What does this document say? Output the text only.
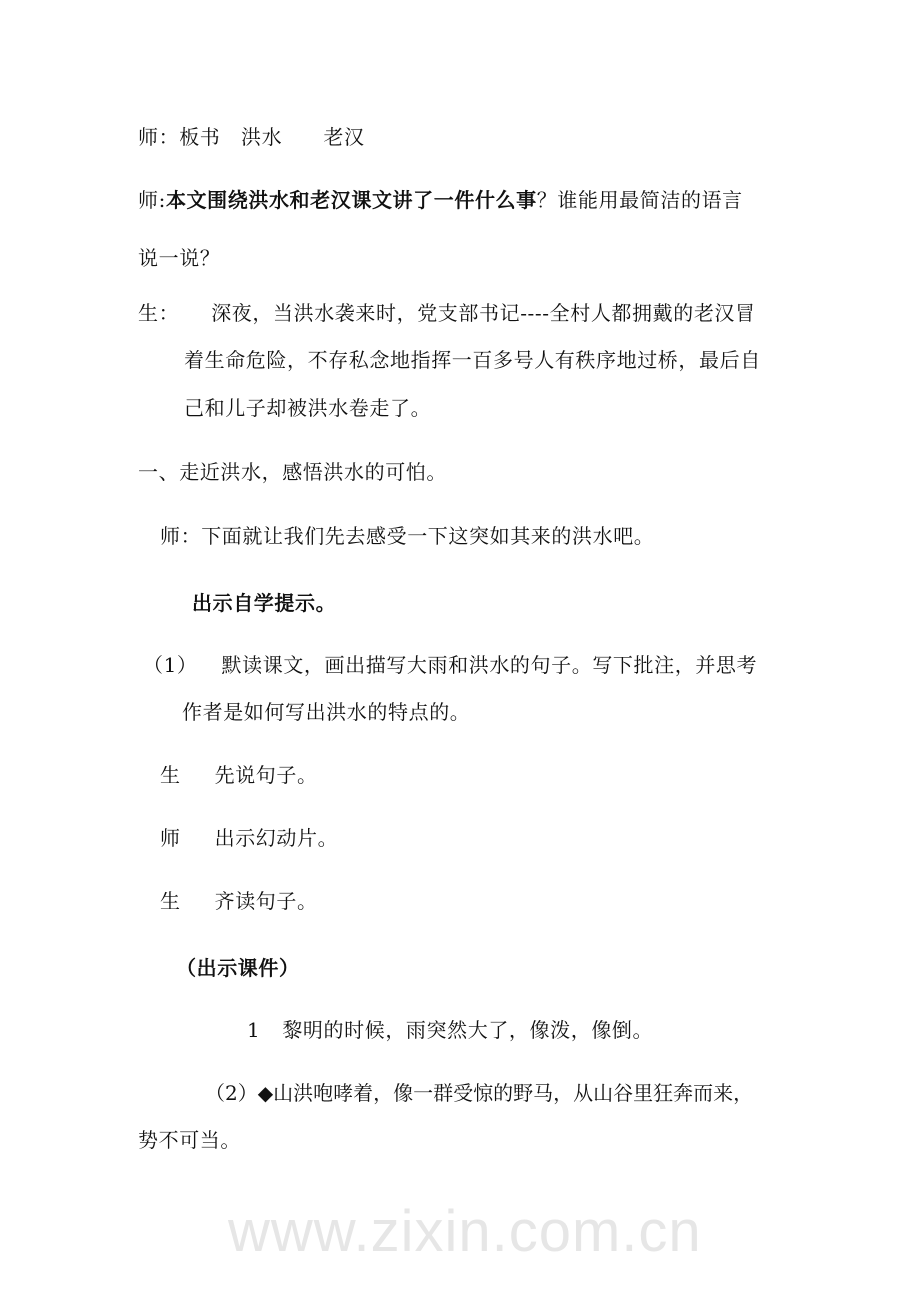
www.zixin.com.cn
师：板书　洪水　　老汉
师:本文围绕洪水和老汉课文讲了一件什么事？谁能用最简洁的语言
说一说？
生： 深夜，当洪水袭来时，党支部书记----全村人都拥戴的老汉冒
着生命危险，不存私念地指挥一百多号人有秩序地过桥，最后自
己和儿子却被洪水卷走了。
一、走近洪水，感悟洪水的可怕。
师：下面就让我们先去感受一下这突如其来的洪水吧。
出示自学提示。
（1） 默读课文，画出描写大雨和洪水的句子。写下批注，并思考
作者是如何写出洪水的特点的。
生 先说句子。
师 出示幻动片。
生 齐读句子。
（出示课件）
1 黎明的时候，雨突然大了，像泼，像倒。
（2）◆山洪咆哮着，像一群受惊的野马，从山谷里狂奔而来，
势不可当。
